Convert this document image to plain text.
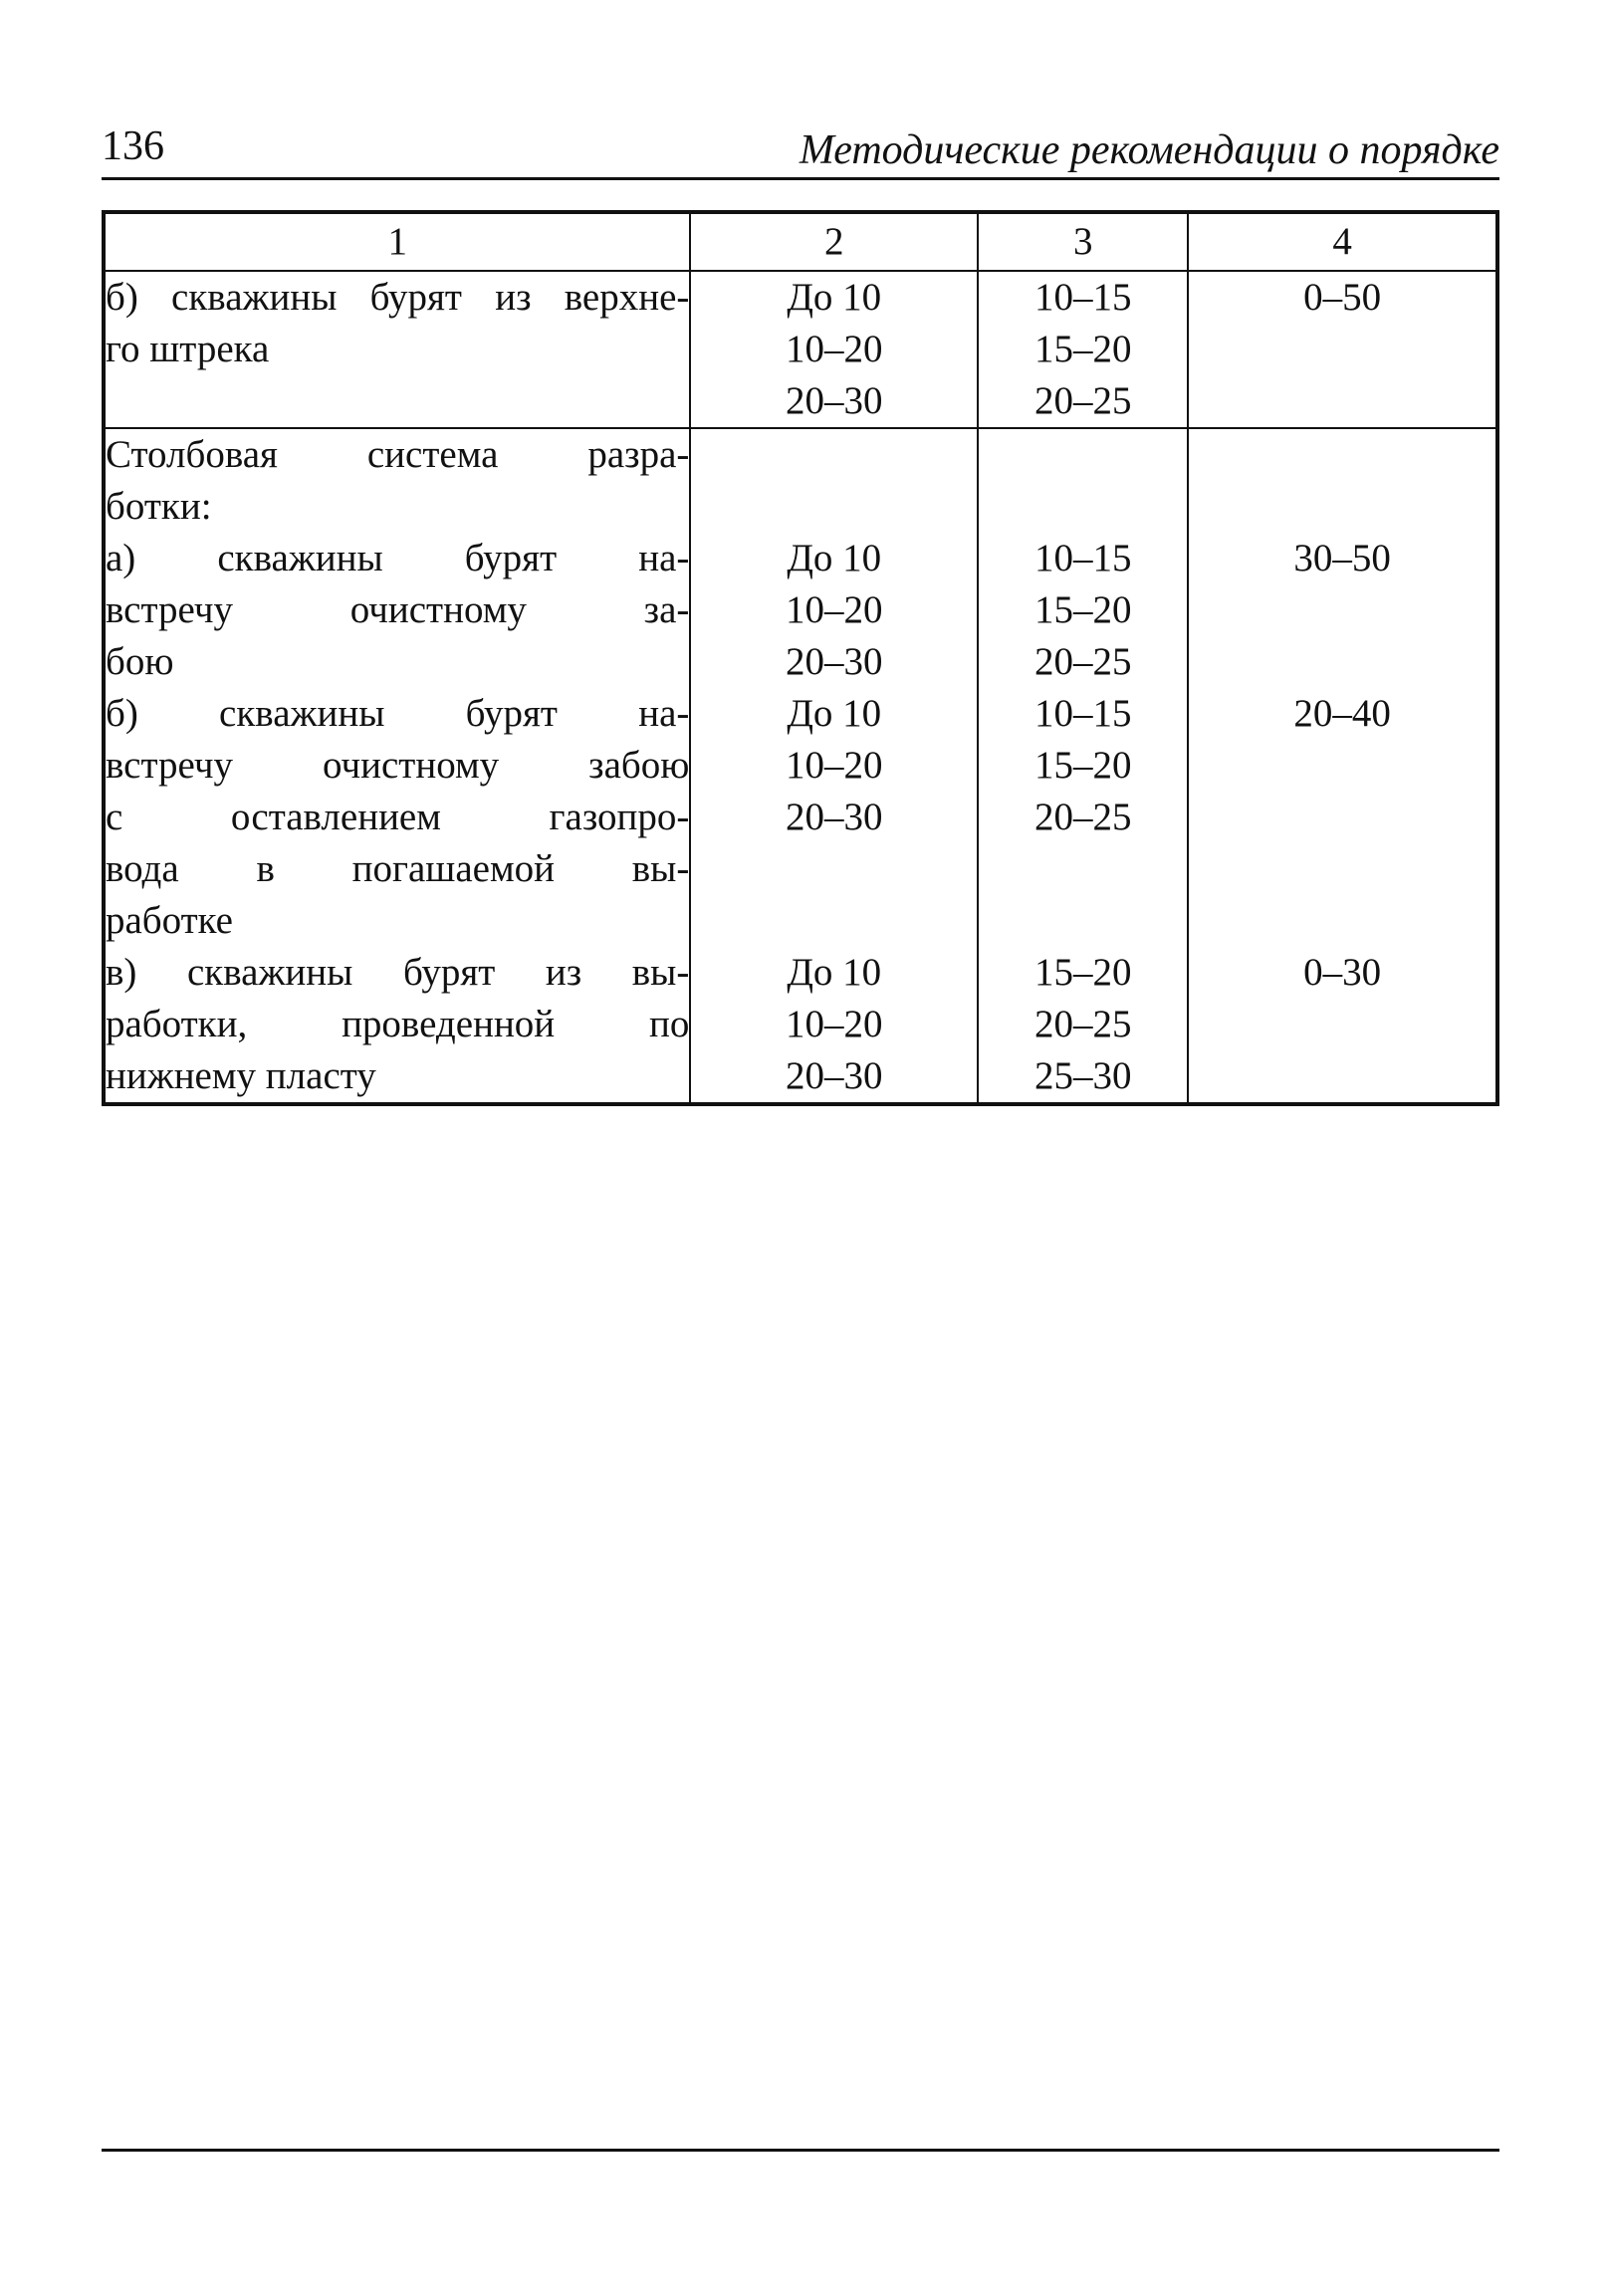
136	Методические рекомендации о порядке
1	2	3	4

б) скважины бурят из верхне-
го штрека	До 10
10–20
20–30	10–15
15–20
20–25	0–50

Столбовая система разра-
ботки:			

а) скважины бурят на-
встречу очистному за-
бою	До 10
10–20
20–30	10–15
15–20
20–25	30–50

б) скважины бурят на-
встречу очистному забою
с оставлением газопро-
вода в погашаемой вы-
работке	До 10
10–20
20–30	10–15
15–20
20–25	20–40

в) скважины бурят из вы-
работки, проведенной по
нижнему пласту	До 10
10–20
20–30	15–20
20–25
25–30	0–30
